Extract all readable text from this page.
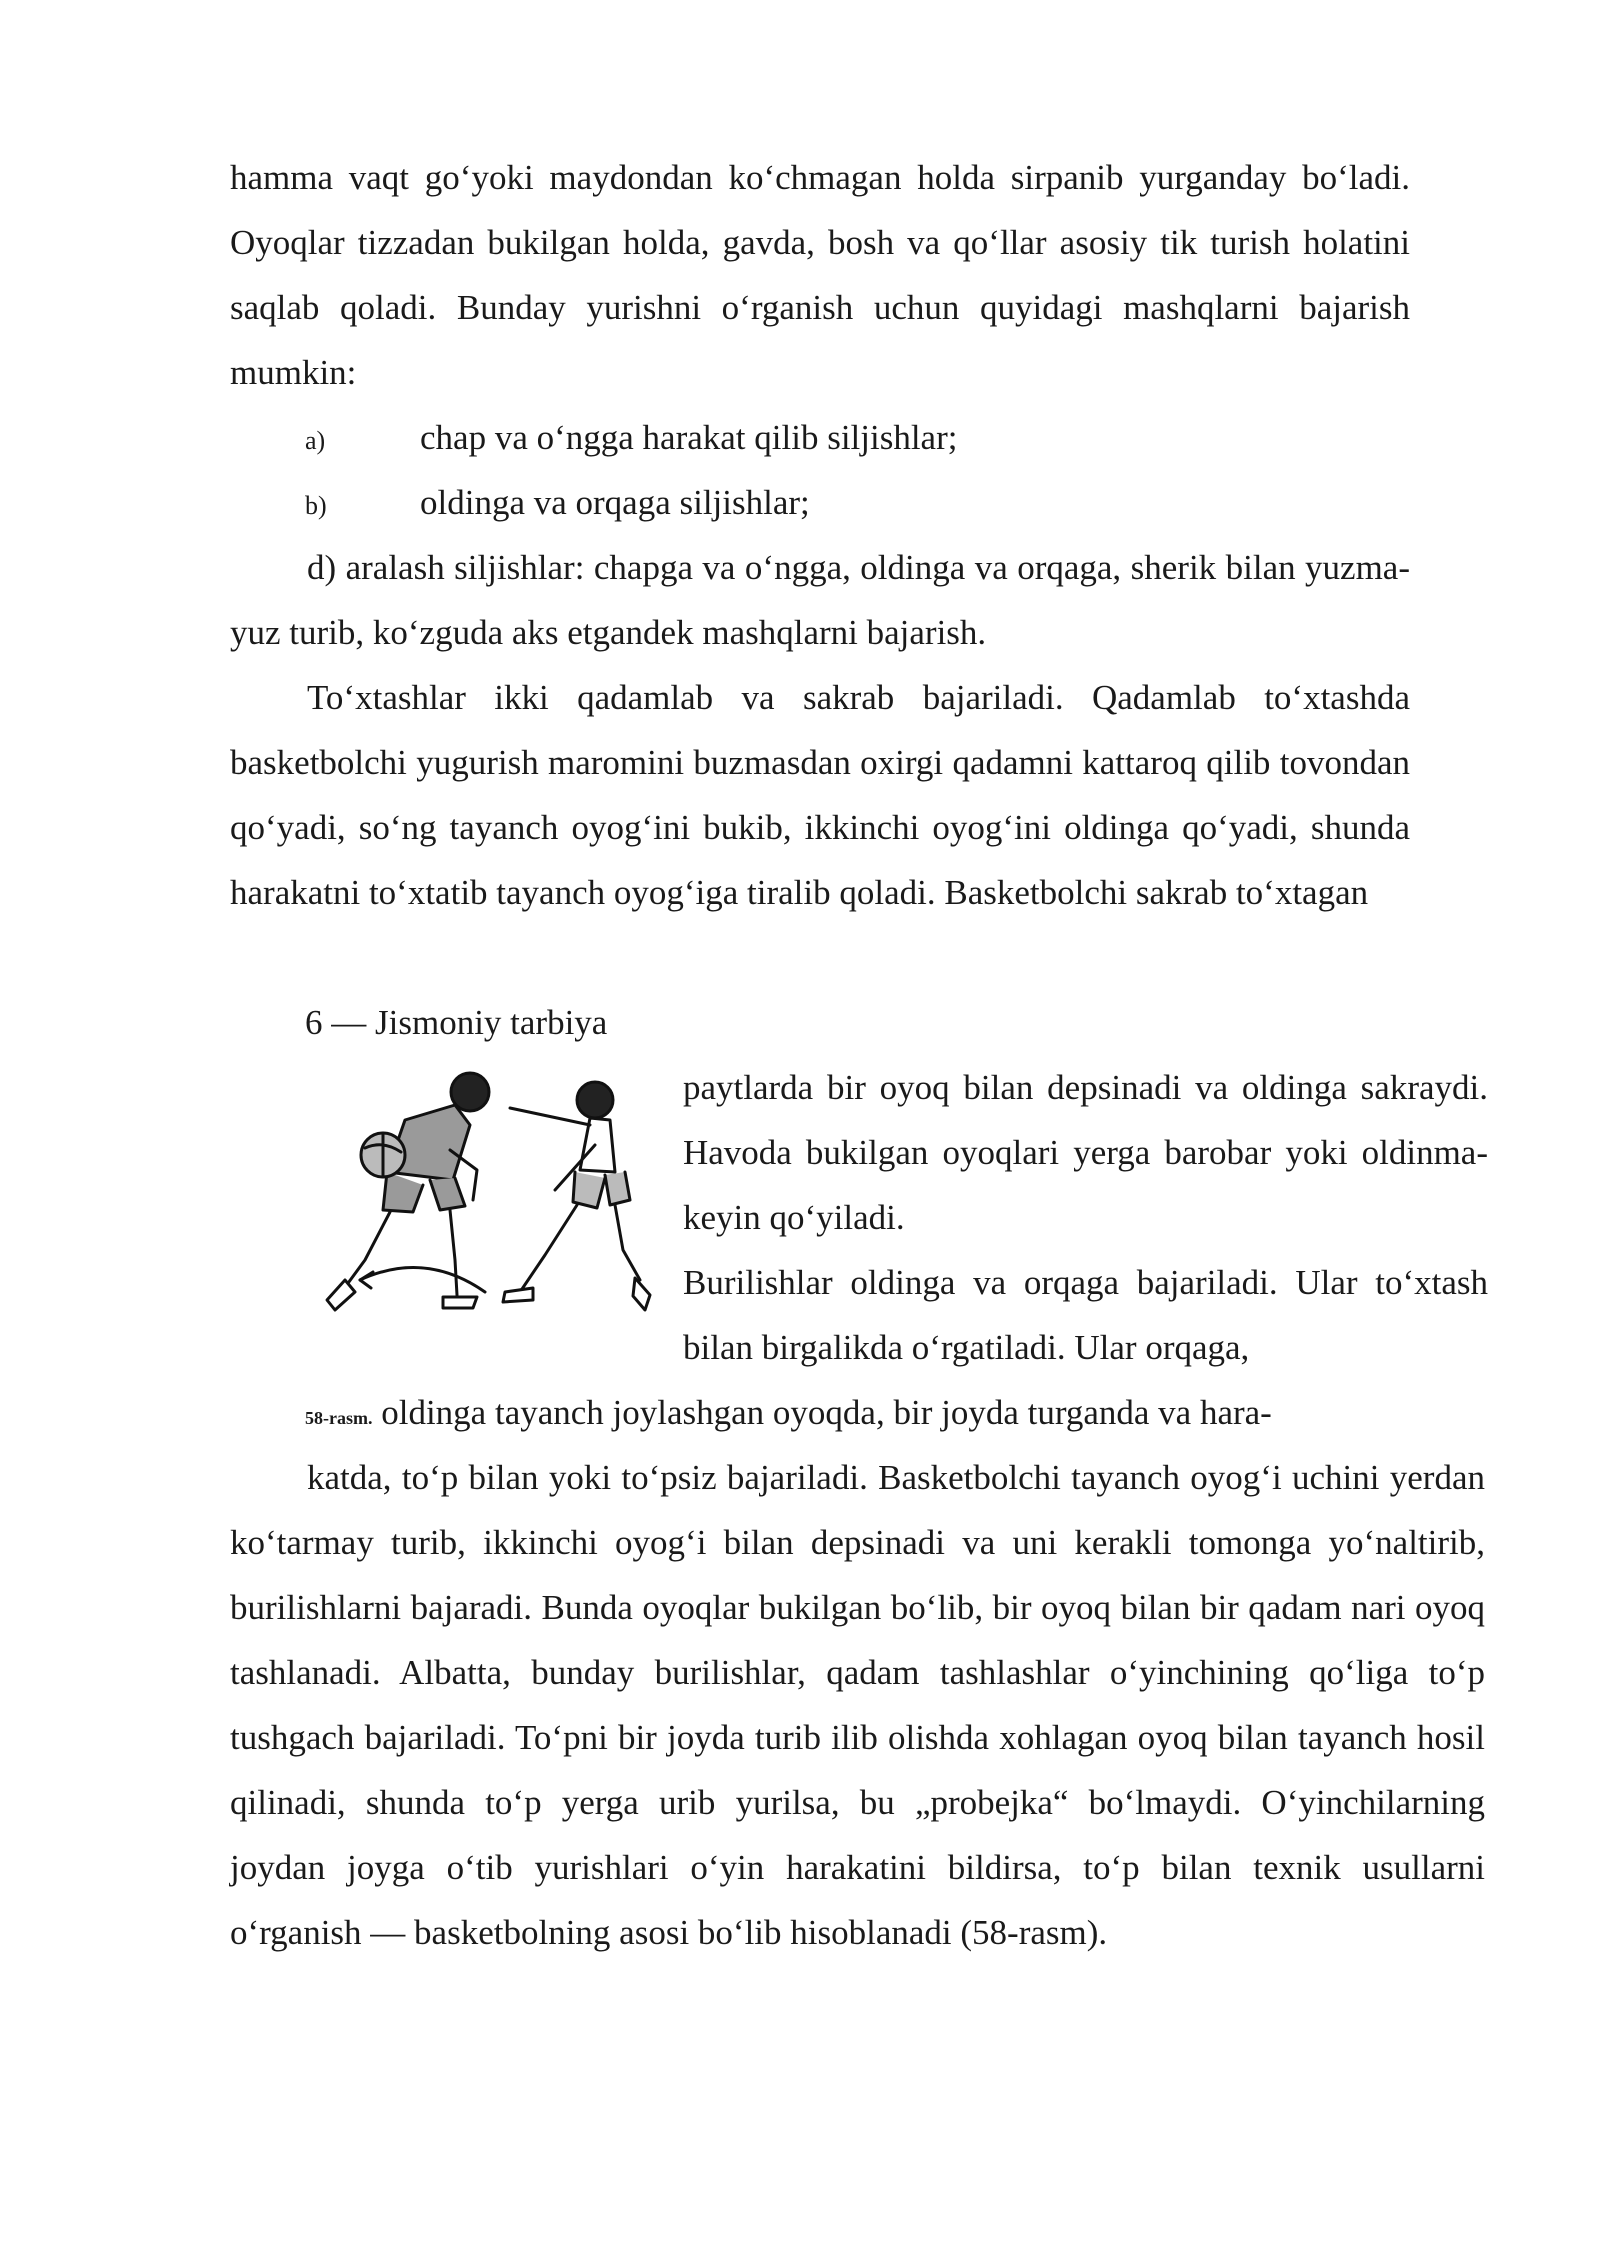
hamma vaqt go‘yoki maydondan ko‘chmagan holda sirpanib yurganday bo‘ladi. Oyoqlar tizzadan bukilgan holda, gavda, bosh va qo‘llar asosiy tik turish holatini saqlab qoladi. Bunday yurishni o‘rganish uchun quyidagi mashqlarni bajarish mumkin:

a)	chap va o‘ngga harakat qilib siljishlar;
b)	oldinga va orqaga siljishlar;

d) aralash siljishlar: chapga va o‘ngga, oldinga va orqaga, sherik bilan yuzma-yuz turib, ko‘zguda aks etgandek mashqlarni bajarish.

To‘xtashlar ikki qadamlab va sakrab bajariladi. Qadamlab to‘xtashda basketbolchi yugurish maromini buzmasdan oxirgi qadamni kattaroq qilib tovondan qo‘yadi, so‘ng tayanch oyog‘ini bukib, ikkinchi oyog‘ini oldinga qo‘yadi, shunda harakatni to‘xtatib tayanch oyog‘iga tiralib qoladi. Basketbolchi sakrab to‘xtagan

6 — Jismoniy tarbiya

paytlarda bir oyoq bilan depsinadi va oldinga sakraydi. Havoda bukilgan oyoqlari yerga barobar yoki oldinma-keyin qo‘yiladi.

Burilishlar oldinga va orqaga bajariladi. Ular to‘xtash bilan birgalikda o‘rgatiladi. Ular orqaga,

58-rasm. oldinga tayanch joylashgan oyoqda, bir joyda turganda va hara-

katda, to‘p bilan yoki to‘psiz bajariladi. Basketbolchi tayanch oyog‘i uchini yerdan ko‘tarmay turib, ikkinchi oyog‘i bilan depsinadi va uni kerakli tomonga yo‘naltirib, burilishlarni bajaradi. Bunda oyoqlar bukilgan bo‘lib, bir oyoq bilan bir qadam nari oyoq tashlanadi. Albatta, bunday burilishlar, qadam tashlashlar o‘yinchining qo‘liga to‘p tushgach bajariladi. To‘pni bir joyda turib ilib olishda xohlagan oyoq bilan tayanch hosil qilinadi, shunda to‘p yerga urib yurilsa, bu „probejka“ bo‘lmaydi. O‘yinchilarning joydan joyga o‘tib yurishlari o‘yin harakatini bildirsa, to‘p bilan texnik usullarni o‘rganish — basketbolning asosi bo‘lib hisoblanadi (58-rasm).
